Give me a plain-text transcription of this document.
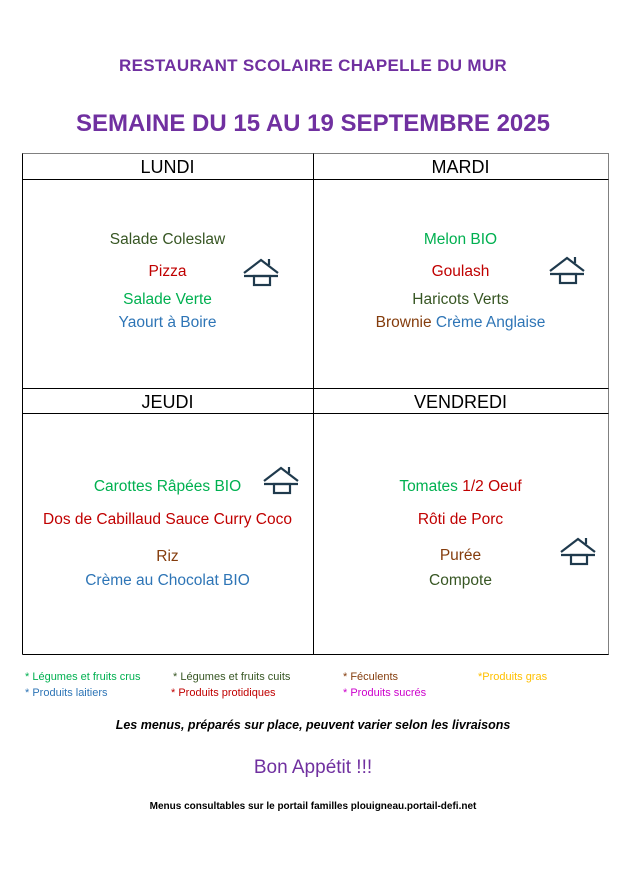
RESTAURANT SCOLAIRE CHAPELLE DU MUR
SEMAINE DU 15 AU 19 SEPTEMBRE 2025
LUNDI
Salade Coleslaw
Pizza
Salade Verte
Yaourt à Boire
MARDI
Melon BIO
Goulash
Haricots Verts
Brownie Crème Anglaise
JEUDI
Carottes Râpées BIO
Dos de Cabillaud Sauce Curry Coco
Riz
Crème au Chocolat BIO
VENDREDI
Tomates 1/2 Oeuf
Rôti de Porc
Purée
Compote
* Légumes et fruits crus	* Légumes et fruits cuits	* Féculents	*Produits gras
* Produits laitiers	* Produits protidiques	* Produits sucrés
Les menus, préparés sur place, peuvent varier selon les livraisons
Bon Appétit !!!
Menus consultables sur le portail familles plouigneau.portail-defi.net
